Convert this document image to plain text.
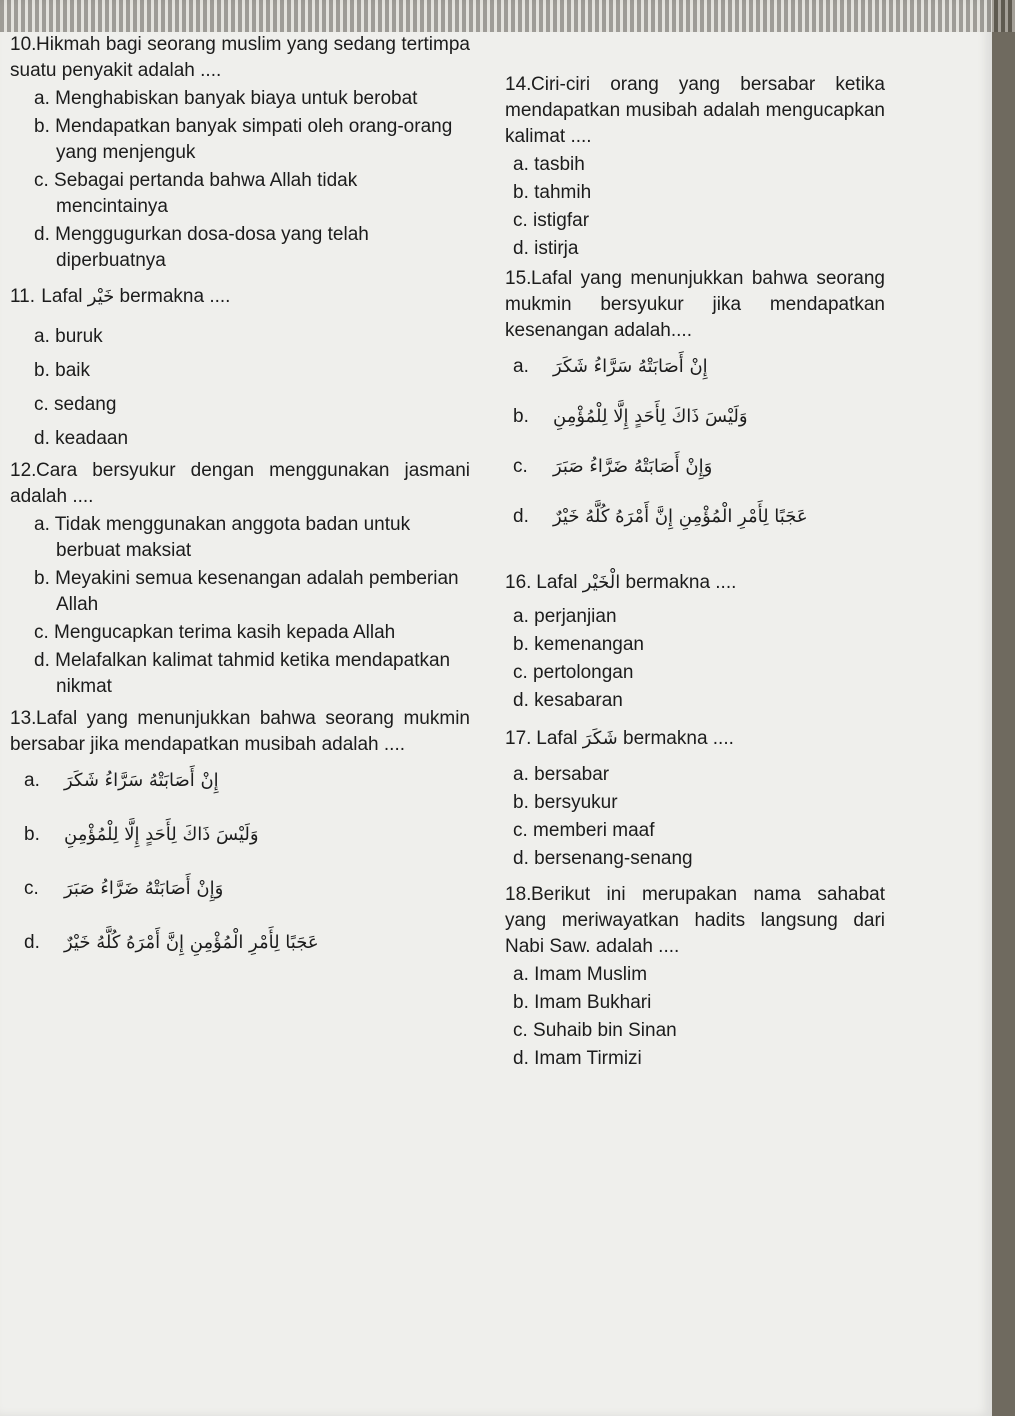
10.Hikmah bagi seorang muslim yang sedang tertimpa suatu penyakit adalah ....
a. Menghabiskan banyak biaya untuk berobat
b. Mendapatkan banyak simpati oleh orang-orang yang menjenguk
c. Sebagai pertanda bahwa Allah tidak mencintainya
d. Menggugurkan dosa-dosa yang telah diperbuatnya
11. Lafal خَيْر bermakna ....
a. buruk
b. baik
c. sedang
d. keadaan
12.Cara bersyukur dengan menggunakan jasmani adalah ....
a. Tidak menggunakan anggota badan untuk berbuat maksiat
b. Meyakini semua kesenangan adalah pemberian Allah
c. Mengucapkan terima kasih kepada Allah
d. Melafalkan kalimat tahmid ketika mendapatkan nikmat
13.Lafal yang menunjukkan bahwa seorang mukmin bersabar jika mendapatkan musibah adalah ....
a.	إِنْ أَصَابَتْهُ سَرَّاءُ شَكَرَ
b.	وَلَيْسَ ذَاكَ لِأَحَدٍ إِلَّا لِلْمُؤْمِنِ
c.	وَإِنْ أَصَابَتْهُ ضَرَّاءُ صَبَرَ
d.	عَجَبًا لِأَمْرِ الْمُؤْمِنِ إِنَّ أَمْرَهُ كُلَّهُ خَيْرٌ
14.Ciri-ciri orang yang bersabar ketika mendapatkan musibah adalah mengucapkan kalimat ....
a. tasbih
b. tahmih
c. istigfar
d. istirja
15.Lafal yang menunjukkan bahwa seorang mukmin bersyukur jika mendapatkan kesenangan adalah....
a.	إِنْ أَصَابَتْهُ سَرَّاءُ شَكَرَ
b.	وَلَيْسَ ذَاكَ لِأَحَدٍ إِلَّا لِلْمُؤْمِنِ
c.	وَإِنْ أَصَابَتْهُ ضَرَّاءُ صَبَرَ
d.	عَجَبًا لِأَمْرِ الْمُؤْمِنِ إِنَّ أَمْرَهُ كُلَّهُ خَيْرٌ
16. Lafal الْخَيْر bermakna ....
a. perjanjian
b. kemenangan
c. pertolongan
d. kesabaran
17. Lafal شَكَرَ bermakna ....
a. bersabar
b. bersyukur
c. memberi maaf
d. bersenang-senang
18.Berikut ini merupakan nama sahabat yang meriwayatkan hadits langsung dari Nabi Saw. adalah ....
a. Imam Muslim
b. Imam Bukhari
c. Suhaib bin Sinan
d. Imam Tirmizi
